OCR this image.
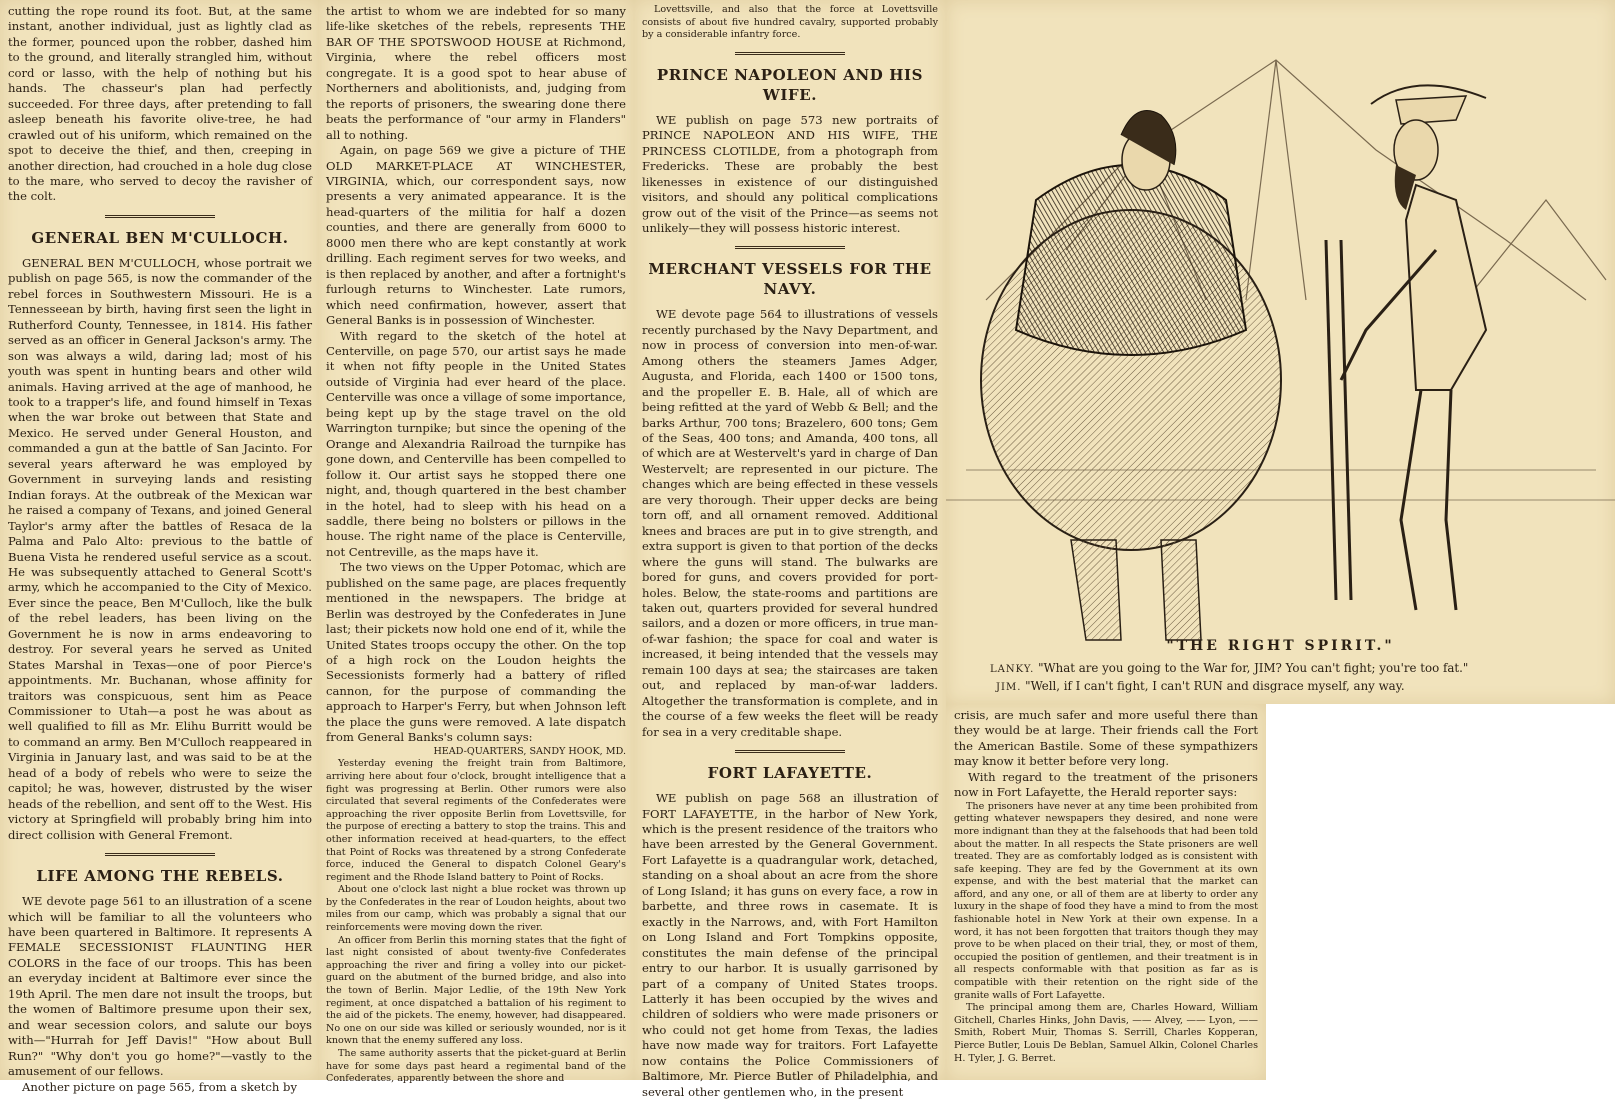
cutting the rope round its foot. But, at the same instant, another individual, just as lightly clad as the former, pounced upon the robber, dashed him to the ground, and literally strangled him, without cord or lasso, with the help of nothing but his hands. The chasseur's plan had perfectly succeeded. For three days, after pretending to fall asleep beneath his favorite olive-tree, he had crawled out of his uniform, which remained on the spot to deceive the thief, and then, creeping in another direction, had crouched in a hole dug close to the mare, who served to decoy the ravisher of the colt.

GENERAL BEN M'CULLOCH.

GENERAL BEN M'CULLOCH, whose portrait we publish on page 565, is now the commander of the rebel forces in Southwestern Missouri. He is a Tennesseean by birth, having first seen the light in Rutherford County, Tennessee, in 1814. His father served as an officer in General Jackson's army. The son was always a wild, daring lad; most of his youth was spent in hunting bears and other wild animals. Having arrived at the age of manhood, he took to a trapper's life, and found himself in Texas when the war broke out between that State and Mexico. He served under General Houston, and commanded a gun at the battle of San Jacinto. For several years afterward he was employed by Government in surveying lands and resisting Indian forays. At the outbreak of the Mexican war he raised a company of Texans, and joined General Taylor's army after the battles of Resaca de la Palma and Palo Alto: previous to the battle of Buena Vista he rendered useful service as a scout. He was subsequently attached to General Scott's army, which he accompanied to the City of Mexico. Ever since the peace, Ben M'Culloch, like the bulk of the rebel leaders, has been living on the Government he is now in arms endeavoring to destroy. For several years he served as United States Marshal in Texas—one of poor Pierce's appointments. Mr. Buchanan, whose affinity for traitors was conspicuous, sent him as Peace Commissioner to Utah—a post he was about as well qualified to fill as Mr. Elihu Burritt would be to command an army. Ben M'Culloch reappeared in Virginia in January last, and was said to be at the head of a body of rebels who were to seize the capitol; he was, however, distrusted by the wiser heads of the rebellion, and sent off to the West. His victory at Springfield will probably bring him into direct collision with General Fremont.

LIFE AMONG THE REBELS.

WE devote page 561 to an illustration of a scene which will be familiar to all the volunteers who have been quartered in Baltimore. It represents A FEMALE SECESSIONIST FLAUNTING HER COLORS in the face of our troops. This has been an everyday incident at Baltimore ever since the 19th April. The men dare not insult the troops, but the women of Baltimore presume upon their sex, and wear secession colors, and salute our boys with—"Hurrah for Jeff Davis!" "How about Bull Run?" "Why don't you go home?"—vastly to the amusement of our fellows.

Another picture on page 565, from a sketch by

the artist to whom we are indebted for so many life-like sketches of the rebels, represents THE BAR OF THE SPOTSWOOD HOUSE at Richmond, Virginia, where the rebel officers most congregate. It is a good spot to hear abuse of Northerners and abolitionists, and, judging from the reports of prisoners, the swearing done there beats the performance of "our army in Flanders" all to nothing.

Again, on page 569 we give a picture of THE OLD MARKET-PLACE AT WINCHESTER, VIRGINIA, which, our correspondent says, now presents a very animated appearance. It is the head-quarters of the militia for half a dozen counties, and there are generally from 6000 to 8000 men there who are kept constantly at work drilling. Each regiment serves for two weeks, and is then replaced by another, and after a fortnight's furlough returns to Winchester. Late rumors, which need confirmation, however, assert that General Banks is in possession of Winchester.

With regard to the sketch of the hotel at Centerville, on page 570, our artist says he made it when not fifty people in the United States outside of Virginia had ever heard of the place. Centerville was once a village of some importance, being kept up by the stage travel on the old Warrington turnpike; but since the opening of the Orange and Alexandria Railroad the turnpike has gone down, and Centerville has been compelled to follow it. Our artist says he stopped there one night, and, though quartered in the best chamber in the hotel, had to sleep with his head on a saddle, there being no bolsters or pillows in the house. The right name of the place is Centerville, not Centreville, as the maps have it.

The two views on the Upper Potomac, which are published on the same page, are places frequently mentioned in the newspapers. The bridge at Berlin was destroyed by the Confederates in June last; their pickets now hold one end of it, while the United States troops occupy the other. On the top of a high rock on the Loudon heights the Secessionists formerly had a battery of rifled cannon, for the purpose of commanding the approach to Harper's Ferry, but when Johnson left the place the guns were removed. A late dispatch from General Banks's column says:

HEAD-QUARTERS, SANDY HOOK, MD.

Yesterday evening the freight train from Baltimore, arriving here about four o'clock, brought intelligence that a fight was progressing at Berlin. Other rumors were also circulated that several regiments of the Confederates were approaching the river opposite Berlin from Lovettsville, for the purpose of erecting a battery to stop the trains. This and other information received at head-quarters, to the effect that Point of Rocks was threatened by a strong Confederate force, induced the General to dispatch Colonel Geary's regiment and the Rhode Island battery to Point of Rocks.

About one o'clock last night a blue rocket was thrown up by the Confederates in the rear of Loudon heights, about two miles from our camp, which was probably a signal that our reinforcements were moving down the river.

An officer from Berlin this morning states that the fight of last night consisted of about twenty-five Confederates approaching the river and firing a volley into our picket-guard on the abutment of the burned bridge, and also into the town of Berlin. Major Ledlie, of the 19th New York regiment, at once dispatched a battalion of his regiment to the aid of the pickets. The enemy, however, had disappeared. No one on our side was killed or seriously wounded, nor is it known that the enemy suffered any loss.

The same authority asserts that the picket-guard at Berlin have for some days past heard a regimental band of the Confederates, apparently between the shore and

Lovettsville, and also that the force at Lovettsville consists of about five hundred cavalry, supported probably by a considerable infantry force.

PRINCE NAPOLEON AND HIS WIFE.

WE publish on page 573 new portraits of PRINCE NAPOLEON AND HIS WIFE, THE PRINCESS CLOTILDE, from a photograph from Fredericks. These are probably the best likenesses in existence of our distinguished visitors, and should any political complications grow out of the visit of the Prince—as seems not unlikely—they will possess historic interest.

MERCHANT VESSELS FOR THE NAVY.

WE devote page 564 to illustrations of vessels recently purchased by the Navy Department, and now in process of conversion into men-of-war. Among others the steamers James Adger, Augusta, and Florida, each 1400 or 1500 tons, and the propeller E. B. Hale, all of which are being refitted at the yard of Webb & Bell; and the barks Arthur, 700 tons; Brazelero, 600 tons; Gem of the Seas, 400 tons; and Amanda, 400 tons, all of which are at Westervelt's yard in charge of Dan Westervelt; are represented in our picture. The changes which are being effected in these vessels are very thorough. Their upper decks are being torn off, and all ornament removed. Additional knees and braces are put in to give strength, and extra support is given to that portion of the decks where the guns will stand. The bulwarks are bored for guns, and covers provided for port-holes. Below, the state-rooms and partitions are taken out, quarters provided for several hundred sailors, and a dozen or more officers, in true man-of-war fashion; the space for coal and water is increased, it being intended that the vessels may remain 100 days at sea; the staircases are taken out, and replaced by man-of-war ladders. Altogether the transformation is complete, and in the course of a few weeks the fleet will be ready for sea in a very creditable shape.

FORT LAFAYETTE.

WE publish on page 568 an illustration of FORT LAFAYETTE, in the harbor of New York, which is the present residence of the traitors who have been arrested by the General Government. Fort Lafayette is a quadrangular work, detached, standing on a shoal about an acre from the shore of Long Island; it has guns on every face, a row in barbette, and three rows in casemate. It is exactly in the Narrows, and, with Fort Hamilton on Long Island and Fort Tompkins opposite, constitutes the main defense of the principal entry to our harbor. It is usually garrisoned by part of a company of United States troops. Latterly it has been occupied by the wives and children of soldiers who were made prisoners or who could not get home from Texas, the ladies have now made way for traitors. Fort Lafayette now contains the Police Commissioners of Baltimore, Mr. Pierce Butler of Philadelphia, and several other gentlemen who, in the present

"THE RIGHT SPIRIT."
LANKY. "What are you going to the War for, JIM? You can't fight; you're too fat."
JIM. "Well, if I can't fight, I can't RUN and disgrace myself, any way.

crisis, are much safer and more useful there than they would be at large. Their friends call the Fort the American Bastile. Some of these sympathizers may know it better before very long.

With regard to the treatment of the prisoners now in Fort Lafayette, the Herald reporter says:

The prisoners have never at any time been prohibited from getting whatever newspapers they desired, and none were more indignant than they at the falsehoods that had been told about the matter. In all respects the State prisoners are well treated. They are as comfortably lodged as is consistent with safe keeping. They are fed by the Government at its own expense, and with the best material that the market can afford, and any one, or all of them are at liberty to order any luxury in the shape of food they have a mind to from the most fashionable hotel in New York at their own expense. In a word, it has not been forgotten that traitors though they may prove to be when placed on their trial, they, or most of them, occupied the position of gentlemen, and their treatment is in all respects conformable with that position as far as is compatible with their retention on the right side of the granite walls of Fort Lafayette.

The principal among them are, Charles Howard, William Gitchell, Charles Hinks, John Davis, —— Alvey, —— Lyon, —— Smith, Robert Muir, Thomas S. Serrill, Charles Kopperan, Pierce Butler, Louis De Beblan, Samuel Alkin, Colonel Charles H. Tyler, J. G. Berret.
